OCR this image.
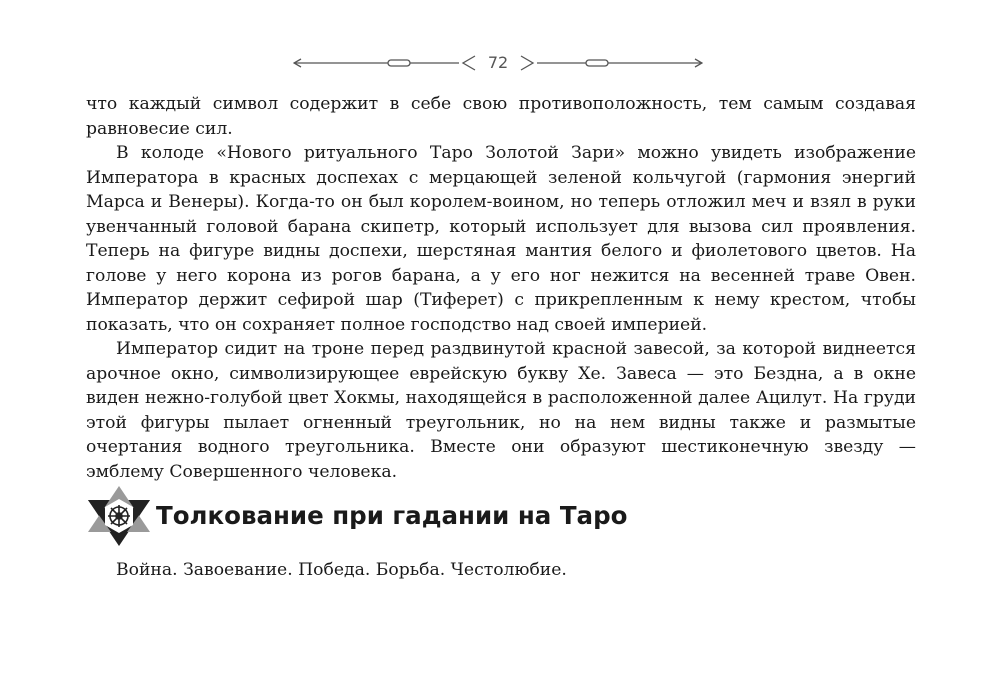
72

что каждый символ содержит в себе свою противоположность, тем самым создавая равновесие сил.

В колоде «Нового ритуального Таро Золотой Зари» можно увидеть изображение Императора в красных доспехах с мерцающей зеленой кольчугой (гармония энергий Марса и Венеры). Когда-то он был королем-воином, но теперь отложил меч и взял в руки увенчанный головой барана скипетр, который использует для вызова сил проявления. Теперь на фигуре видны доспехи, шерстяная мантия белого и фиолетового цветов. На голове у него корона из рогов барана, а у его ног нежится на весенней траве Овен. Император держит сефирой шар (Тиферет) с прикрепленным к нему крестом, чтобы показать, что он сохраняет полное господство над своей империей.

Император сидит на троне перед раздвинутой красной завесой, за которой виднеется арочное окно, символизирующее еврейскую букву Хе. Завеса — это Бездна, а в окне виден нежно-голубой цвет Хокмы, находящейся в расположенной далее Ацилут. На груди этой фигуры пылает огненный треугольник, но на нем видны также и размытые очертания водного треугольника. Вместе они образуют шестиконечную звезду — эмблему Совершенного человека.

Толкование при гадании на Таро
Война. Завоевание. Победа. Борьба. Честолюбие.
